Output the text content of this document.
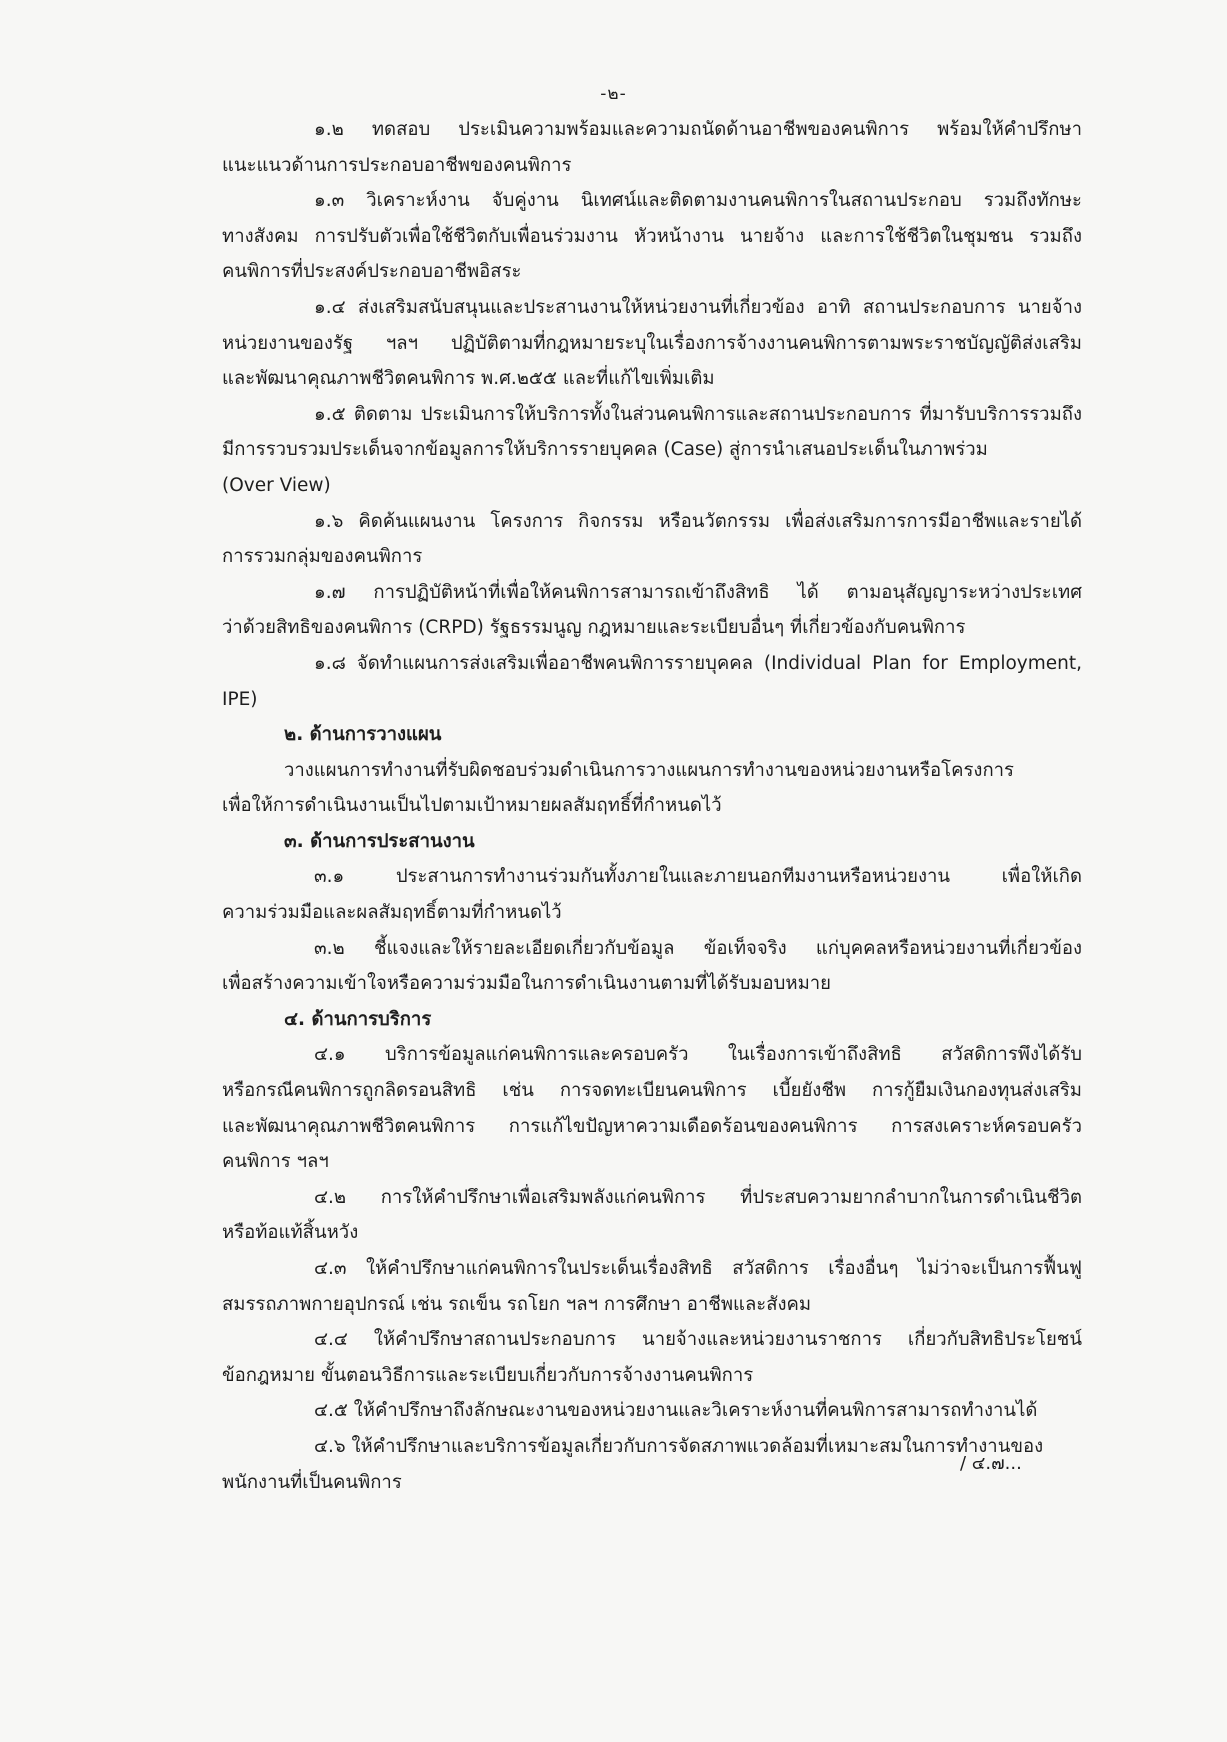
-๒-
๑.๒ ทดสอบ ประเมินความพร้อมและความถนัดด้านอาชีพของคนพิการ พร้อมให้คำปรึกษา
แนะแนวด้านการประกอบอาชีพของคนพิการ
๑.๓ วิเคราะห์งาน จับคู่งาน นิเทศน์และติดตามงานคนพิการในสถานประกอบ รวมถึงทักษะ
ทางสังคม การปรับตัวเพื่อใช้ชีวิตกับเพื่อนร่วมงาน หัวหน้างาน นายจ้าง และการใช้ชีวิตในชุมชน รวมถึง
คนพิการที่ประสงค์ประกอบอาชีพอิสระ
๑.๔ ส่งเสริมสนับสนุนและประสานงานให้หน่วยงานที่เกี่ยวข้อง อาทิ สถานประกอบการ นายจ้าง
หน่วยงานของรัฐ ฯลฯ ปฏิบัติตามที่กฎหมายระบุในเรื่องการจ้างงานคนพิการตามพระราชบัญญัติส่งเสริม
และพัฒนาคุณภาพชีวิตคนพิการ พ.ศ.๒๕๕ และที่แก้ไขเพิ่มเติม
๑.๕ ติดตาม ประเมินการให้บริการทั้งในส่วนคนพิการและสถานประกอบการ ที่มารับบริการรวมถึง
มีการรวบรวมประเด็นจากข้อมูลการให้บริการรายบุคคล (Case) สู่การนำเสนอประเด็นในภาพร่วม
(Over View)
๑.๖ คิดค้นแผนงาน โครงการ กิจกรรม หรือนวัตกรรม เพื่อส่งเสริมการการมีอาชีพและรายได้
การรวมกลุ่มของคนพิการ
๑.๗ การปฏิบัติหน้าที่เพื่อให้คนพิการสามารถเข้าถึงสิทธิ ได้ ตามอนุสัญญาระหว่างประเทศ
ว่าด้วยสิทธิของคนพิการ (CRPD) รัฐธรรมนูญ กฎหมายและระเบียบอื่นๆ ที่เกี่ยวข้องกับคนพิการ
๑.๘ จัดทำแผนการส่งเสริมเพื่ออาชีพคนพิการรายบุคคล (Individual Plan for Employment,
IPE)
๒. ด้านการวางแผน
วางแผนการทำงานที่รับผิดชอบร่วมดำเนินการวางแผนการทำงานของหน่วยงานหรือโครงการ
เพื่อให้การดำเนินงานเป็นไปตามเป้าหมายผลสัมฤทธิ์ที่กำหนดไว้
๓. ด้านการประสานงาน
๓.๑ ประสานการทำงานร่วมกันทั้งภายในและภายนอกทีมงานหรือหน่วยงาน เพื่อให้เกิด
ความร่วมมือและผลสัมฤทธิ์ตามที่กำหนดไว้
๓.๒ ชี้แจงและให้รายละเอียดเกี่ยวกับข้อมูล ข้อเท็จจริง แก่บุคคลหรือหน่วยงานที่เกี่ยวข้อง
เพื่อสร้างความเข้าใจหรือความร่วมมือในการดำเนินงานตามที่ได้รับมอบหมาย
๔. ด้านการบริการ
๔.๑ บริการข้อมูลแก่คนพิการและครอบครัว ในเรื่องการเข้าถึงสิทธิ สวัสดิการพึงได้รับ
หรือกรณีคนพิการถูกลิดรอนสิทธิ เช่น การจดทะเบียนคนพิการ เบี้ยยังชีพ การกู้ยืมเงินกองทุนส่งเสริม
และพัฒนาคุณภาพชีวิตคนพิการ การแก้ไขปัญหาความเดือดร้อนของคนพิการ การสงเคราะห์ครอบครัว
คนพิการ ฯลฯ
๔.๒ การให้คำปรึกษาเพื่อเสริมพลังแก่คนพิการ ที่ประสบความยากลำบากในการดำเนินชีวิต
หรือท้อแท้สิ้นหวัง
๔.๓ ให้คำปรึกษาแก่คนพิการในประเด็นเรื่องสิทธิ สวัสดิการ เรื่องอื่นๆ ไม่ว่าจะเป็นการฟื้นฟู
สมรรถภาพกายอุปกรณ์ เช่น รถเข็น รถโยก ฯลฯ การศึกษา อาชีพและสังคม
๔.๔ ให้คำปรึกษาสถานประกอบการ นายจ้างและหน่วยงานราชการ เกี่ยวกับสิทธิประโยชน์
ข้อกฎหมาย ขั้นตอนวิธีการและระเบียบเกี่ยวกับการจ้างงานคนพิการ
๔.๕ ให้คำปรึกษาถึงลักษณะงานของหน่วยงานและวิเคราะห์งานที่คนพิการสามารถทำงานได้
๔.๖ ให้คำปรึกษาและบริการข้อมูลเกี่ยวกับการจัดสภาพแวดล้อมที่เหมาะสมในการทำงานของ
พนักงานที่เป็นคนพิการ
/ ๔.๗...
